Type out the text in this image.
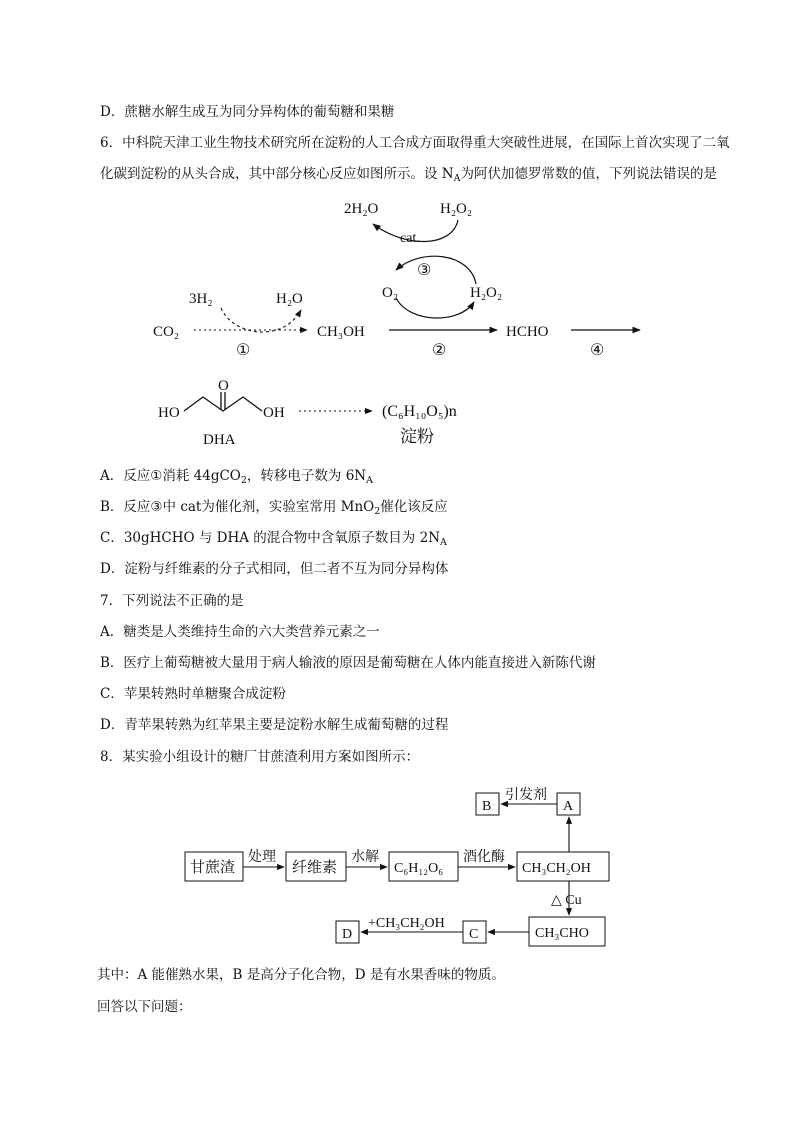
D．蔗糖水解生成互为同分异构体的葡萄糖和果糖
6．中科院天津工业生物技术研究所在淀粉的人工合成方面取得重大突破性进展，在国际上首次实现了二氧
化碳到淀粉的从头合成，其中部分核心反应如图所示。设 $N_A$为阿伏加德罗常数的值，下列说法错误的是
2H₂O	H₂O₂
cat.
③
O₂	H₂O₂
3H₂	H₂O
CO₂
①
CH₃OH
②
HCHO
④
HO
O
OH
DHA
(C₆H₁₀O₅)n
淀粉
A．反应①消耗 44gCO$_2$，转移电子数为 $6N_A$
B．反应③中 cat为催化剂，实验室常用 MnO$_2$催化该反应
C．30gHCHO 与 DHA 的混合物中含氧原子数目为 $2N_A$
D．淀粉与纤维素的分子式相同，但二者不互为同分异构体
7．下列说法不正确的是
A．糖类是人类维持生命的六大类营养元素之一
B．医疗上葡萄糖被大量用于病人输液的原因是葡萄糖在人体内能直接进入新陈代谢
C．苹果转熟时单糖聚合成淀粉
D．青苹果转熟为红苹果主要是淀粉水解生成葡萄糖的过程
8．某实验小组设计的糖厂甘蔗渣利用方案如图所示：
B
引发剂
A
甘蔗渣
处理
纤维素
水解
C₆H₁₂O₆
酒化酶
CH₃CH₂OH
△ Cu
D
+CH₃CH₂OH
C	CH₃CHO
其中：A 能催熟水果，B 是高分子化合物，D 是有水果香味的物质。
回答以下问题：
